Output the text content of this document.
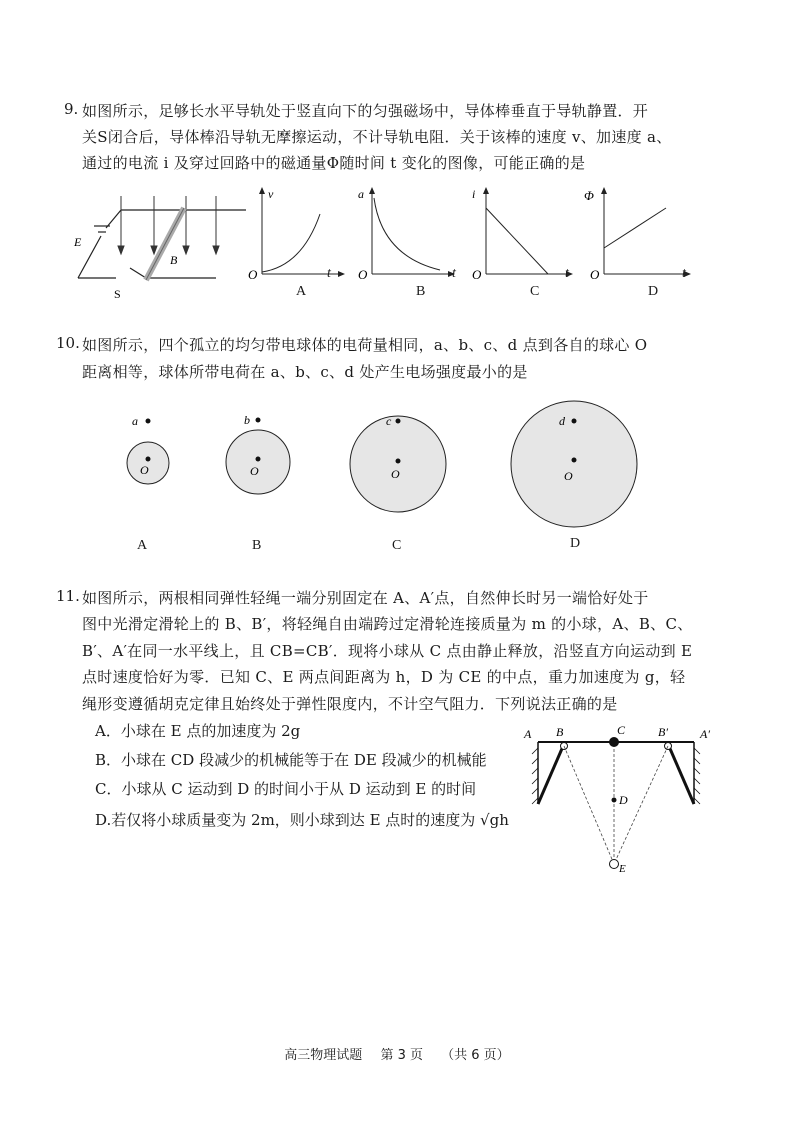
9. 如图所示，足够长水平导轨处于竖直向下的匀强磁场中，导体棒垂直于导轨静置．开
关S闭合后，导体棒沿导轨无摩擦运动，不计导轨电阻．关于该棒的速度 v、加速度 a、
通过的电流 i 及穿过回路中的磁通量Φ随时间 t 变化的图像，可能正确的是
E
B
S
O
v
t
A
O
a
t
B
O
i
t
C
O
Φ
t
D
10. 如图所示，四个孤立的均匀带电球体的电荷量相同，a、b、c、d 点到各自的球心 O
距离相等，球体所带电荷在 a、b、c、d 处产生电场强度最小的是
a
O
b
O
c
O
d
O
A	B	C	D
11. 如图所示，两根相同弹性轻绳一端分别固定在 A、A′点，自然伸长时另一端恰好处于
图中光滑定滑轮上的 B、B′，将轻绳自由端跨过定滑轮连接质量为 m 的小球，A、B、C、
B′、A′在同一水平线上，且 CB=CB′．现将小球从 C 点由静止释放，沿竖直方向运动到 E
点时速度恰好为零．已知 C、E 两点间距离为 h，D 为 CE 的中点，重力加速度为 g，轻
绳形变遵循胡克定律且始终处于弹性限度内，不计空气阻力．下列说法正确的是
A．小球在 E 点的加速度为 2g
B．小球在 CD 段减少的机械能等于在 DE 段减少的机械能
C．小球从 C 运动到 D 的时间小于从 D 运动到 E 的时间
D.若仅将小球质量变为 2m，则小球到达 E 点时的速度为 √gh
A B	C	B′	A′
D
E
高三物理试题 第 3 页 （共 6 页）
